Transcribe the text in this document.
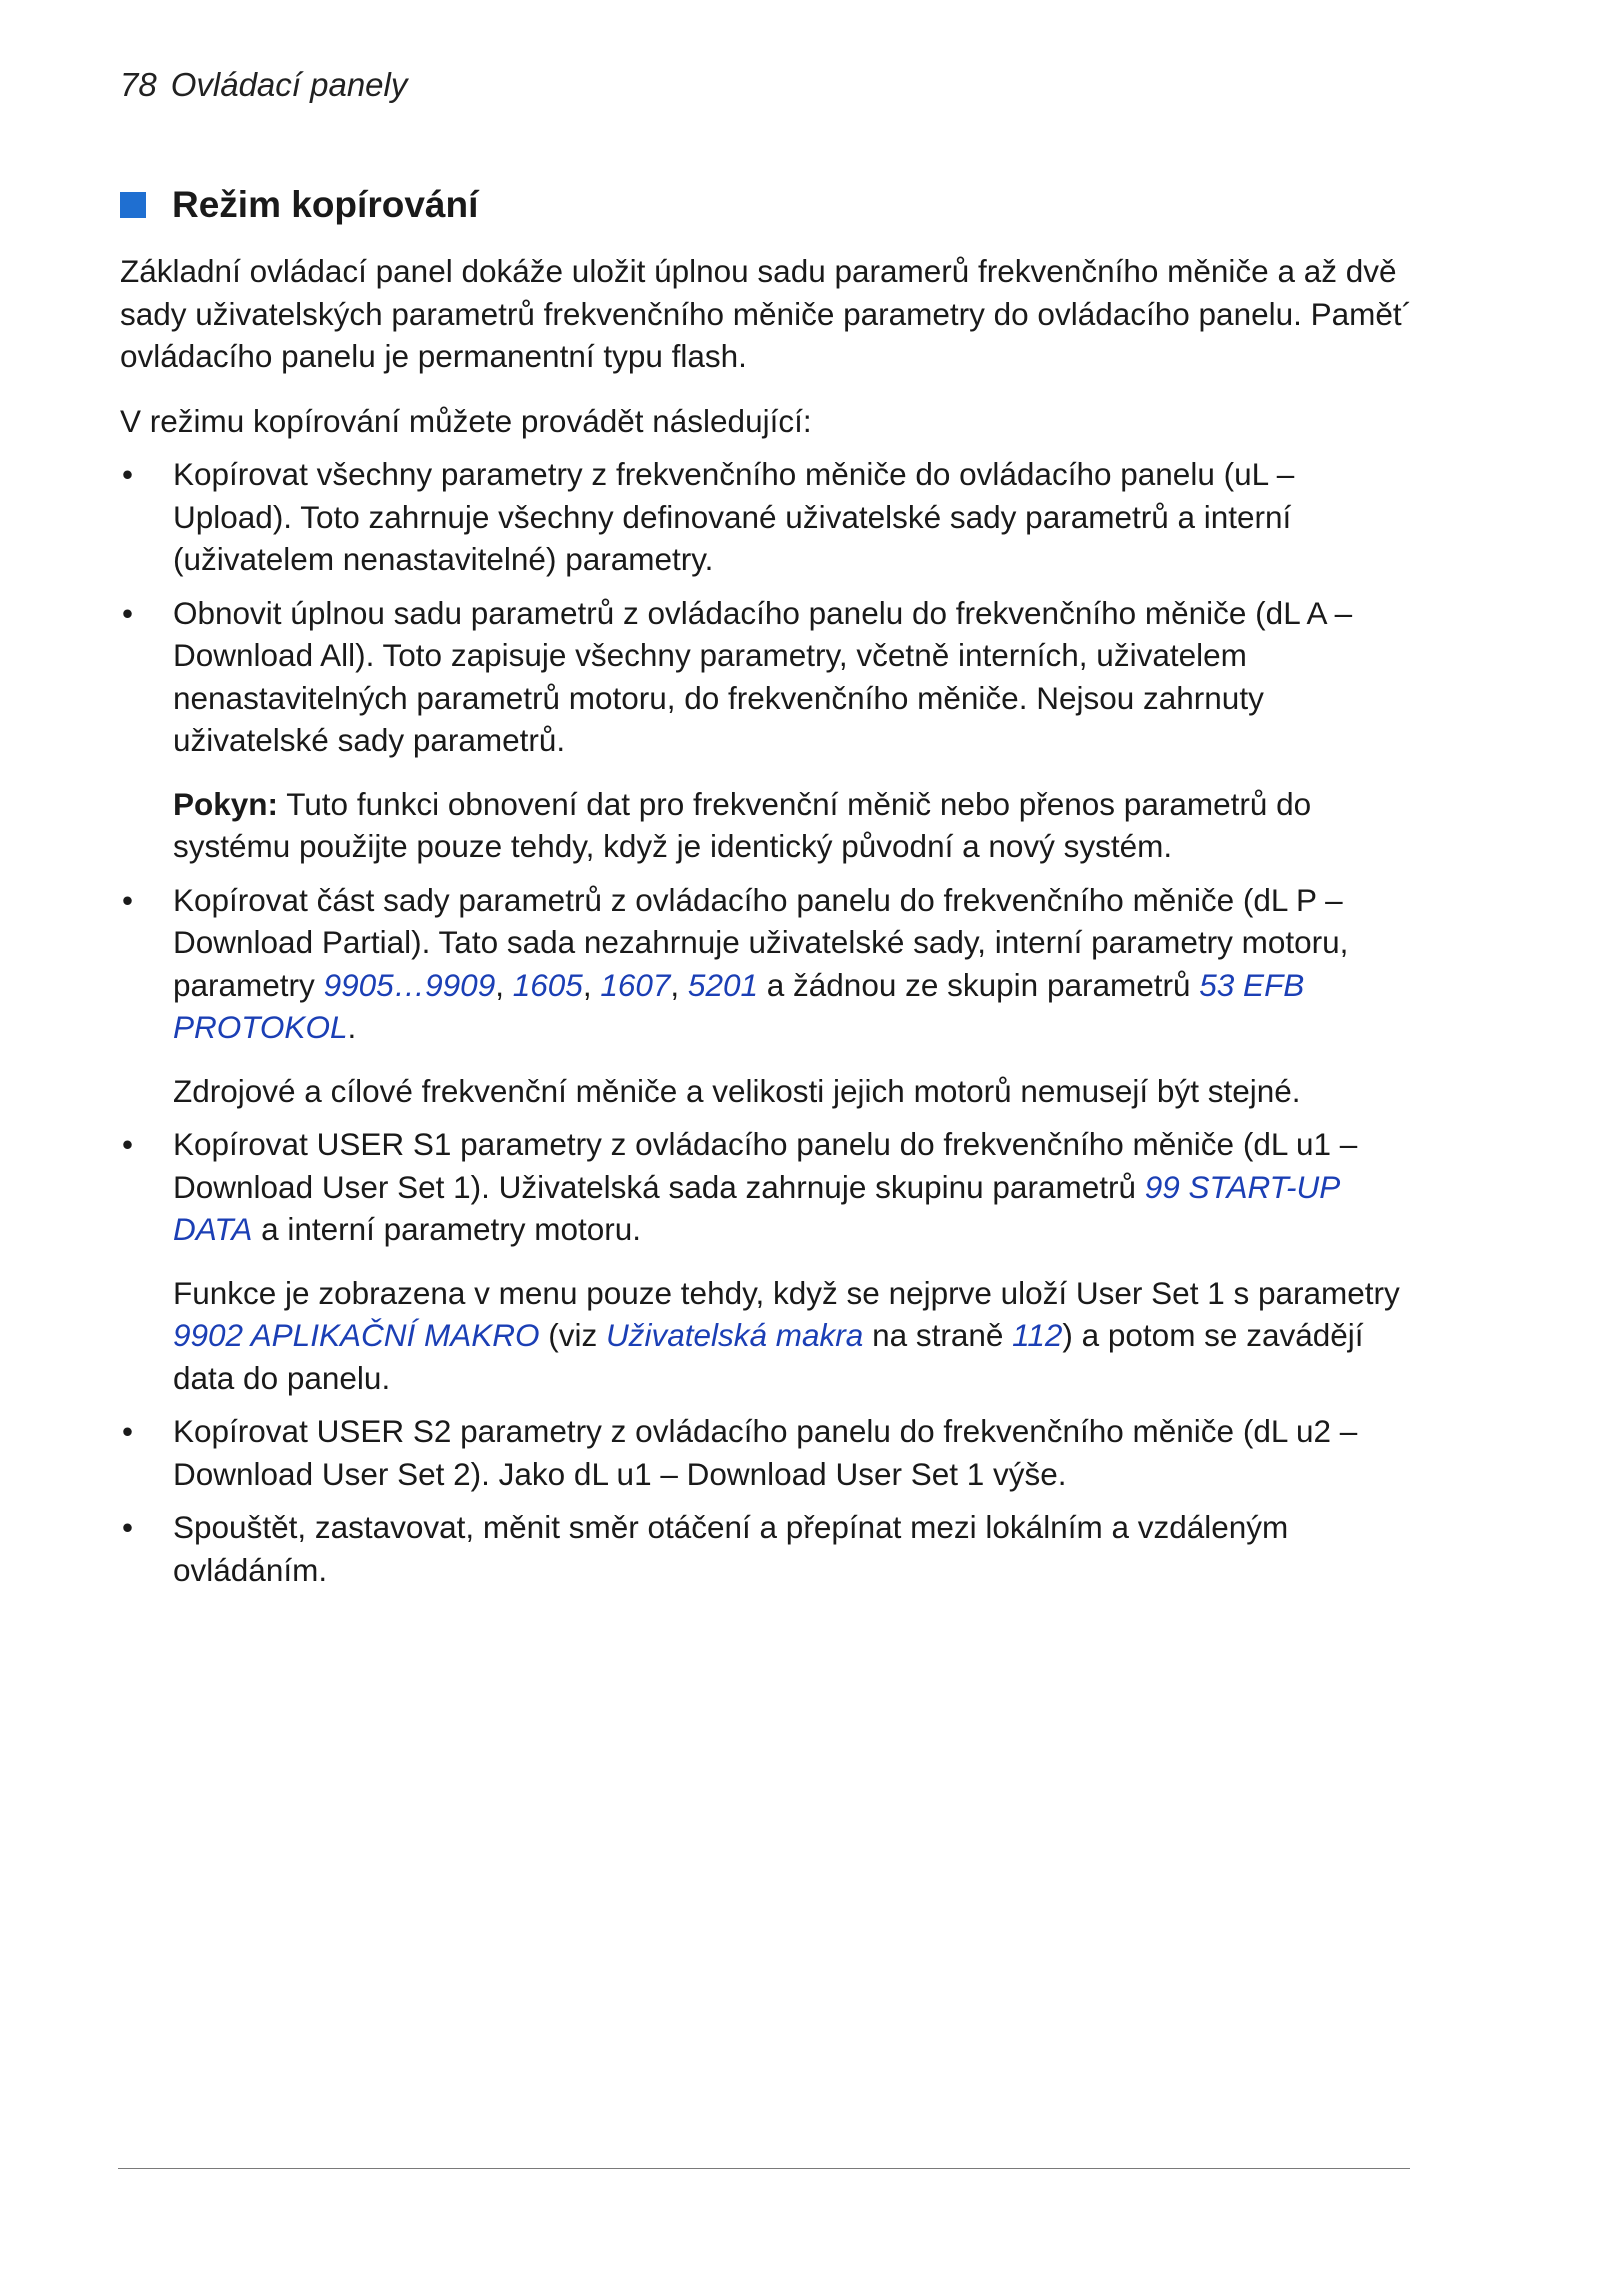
78 Ovládací panely
Režim kopírování

Základní ovládací panel dokáže uložit úplnou sadu paramerů frekvenčního měniče a až dvě sady uživatelských parametrů frekvenčního měniče parametry do ovládacího panelu. Pamět´ ovládacího panelu je permanentní typu flash.

V režimu kopírování můžete provádět následující:

• Kopírovat všechny parametry z frekvenčního měniče do ovládacího panelu (uL – Upload). Toto zahrnuje všechny definované uživatelské sady parametrů a interní (uživatelem nenastavitelné) parametry.
• Obnovit úplnou sadu parametrů z ovládacího panelu do frekvenčního měniče (dL A – Download All). Toto zapisuje všechny parametry, včetně interních, uživatelem nenastavitelných parametrů motoru, do frekvenčního měniče. Nejsou zahrnuty uživatelské sady parametrů.
Pokyn: Tuto funkci obnovení dat pro frekvenční měnič nebo přenos parametrů do systému použijte pouze tehdy, když je identický původní a nový systém.
• Kopírovat část sady parametrů z ovládacího panelu do frekvenčního měniče (dL P – Download Partial). Tato sada nezahrnuje uživatelské sady, interní parametry motoru, parametry 9905…9909, 1605, 1607, 5201 a žádnou ze skupin parametrů 53 EFB PROTOKOL.
Zdrojové a cílové frekvenční měniče a velikosti jejich motorů nemusejí být stejné.
• Kopírovat USER S1 parametry z ovládacího panelu do frekvenčního měniče (dL u1 – Download User Set 1). Uživatelská sada zahrnuje skupinu parametrů 99 START-UP DATA a interní parametry motoru.
Funkce je zobrazena v menu pouze tehdy, když se nejprve uloží User Set 1 s parametry 9902 APLIKAČNÍ MAKRO (viz Uživatelská makra na straně 112) a potom se zavádějí data do panelu.
• Kopírovat USER S2 parametry z ovládacího panelu do frekvenčního měniče (dL u2 – Download User Set 2). Jako dL u1 – Download User Set 1 výše.
• Spouštět, zastavovat, měnit směr otáčení a přepínat mezi lokálním a vzdáleným ovládáním.
